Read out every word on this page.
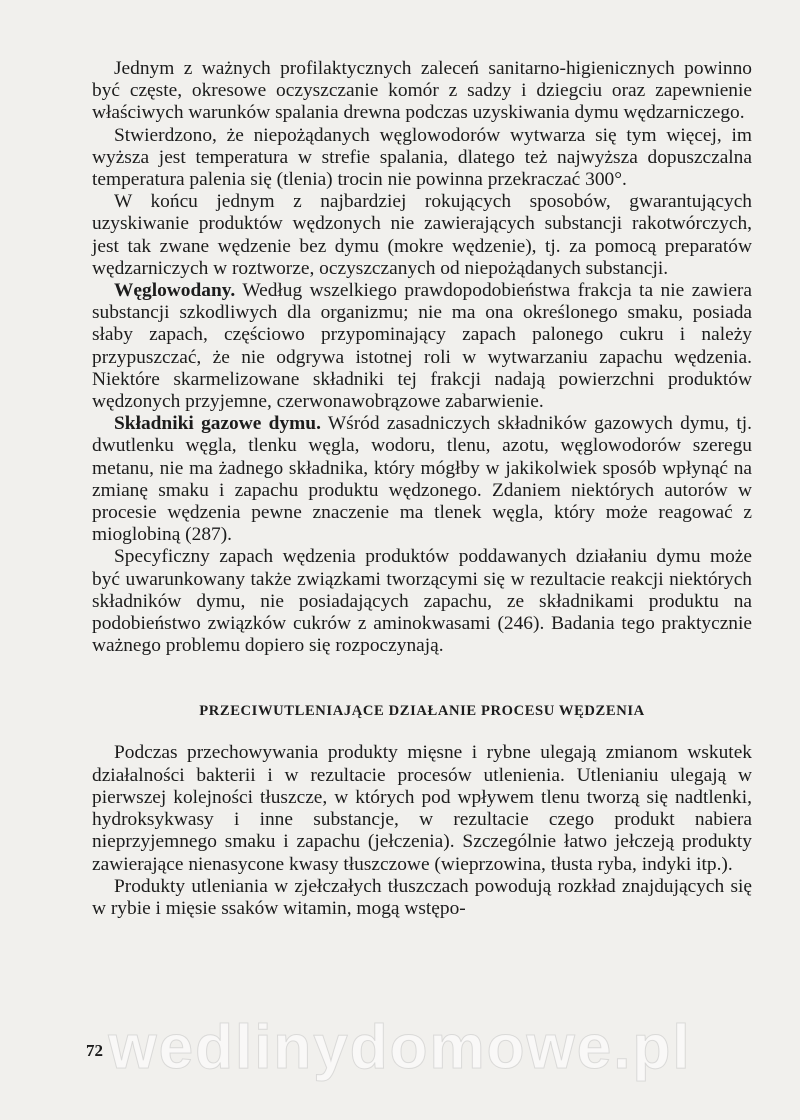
Jednym z ważnych profilaktycznych zaleceń sanitarno-higienicznych powinno być częste, okresowe oczyszczanie komór z sadzy i dziegciu oraz zapewnienie właściwych warunków spalania drewna podczas uzyskiwania dymu wędzarniczego.

Stwierdzono, że niepożądanych węglowodorów wytwarza się tym więcej, im wyższa jest temperatura w strefie spalania, dlatego też najwyższa dopuszczalna temperatura palenia się (tlenia) trocin nie powinna przekraczać 300°.

W końcu jednym z najbardziej rokujących sposobów, gwarantujących uzyskiwanie produktów wędzonych nie zawierających substancji rakotwórczych, jest tak zwane wędzenie bez dymu (mokre wędzenie), tj. za pomocą preparatów wędzarniczych w roztworze, oczyszczanych od niepożądanych substancji.

Węglowodany. Według wszelkiego prawdopodobieństwa frakcja ta nie zawiera substancji szkodliwych dla organizmu; nie ma ona określonego smaku, posiada słaby zapach, częściowo przypominający zapach palonego cukru i należy przypuszczać, że nie odgrywa istotnej roli w wytwarzaniu zapachu wędzenia. Niektóre skarmelizowane składniki tej frakcji nadają powierzchni produktów wędzonych przyjemne, czerwonawobrązowe zabarwienie.

Składniki gazowe dymu. Wśród zasadniczych składników gazowych dymu, tj. dwutlenku węgla, tlenku węgla, wodoru, tlenu, azotu, węglowodorów szeregu metanu, nie ma żadnego składnika, który mógłby w jakikolwiek sposób wpłynąć na zmianę smaku i zapachu produktu wędzonego. Zdaniem niektórych autorów w procesie wędzenia pewne znaczenie ma tlenek węgla, który może reagować z mioglobiną (287).

Specyficzny zapach wędzenia produktów poddawanych działaniu dymu może być uwarunkowany także związkami tworzącymi się w rezultacie reakcji niektórych składników dymu, nie posiadających zapachu, ze składnikami produktu na podobieństwo związków cukrów z aminokwasami (246). Badania tego praktycznie ważnego problemu dopiero się rozpoczynają.

PRZECIWUTLENIAJĄCE DZIAŁANIE PROCESU WĘDZENIA

Podczas przechowywania produkty mięsne i rybne ulegają zmianom wskutek działalności bakterii i w rezultacie procesów utlenienia. Utlenianiu ulegają w pierwszej kolejności tłuszcze, w których pod wpływem tlenu tworzą się nadtlenki, hydroksykwasy i inne substancje, w rezultacie czego produkt nabiera nieprzyjemnego smaku i zapachu (jełczenia). Szczególnie łatwo jełczeją produkty zawierające nienasycone kwasy tłuszczowe (wieprzowina, tłusta ryba, indyki itp.).

Produkty utleniania w zjełczałych tłuszczach powodują rozkład znajdujących się w rybie i mięsie ssaków witamin, mogą wstępo-

wedlinydomowe.pl
72
